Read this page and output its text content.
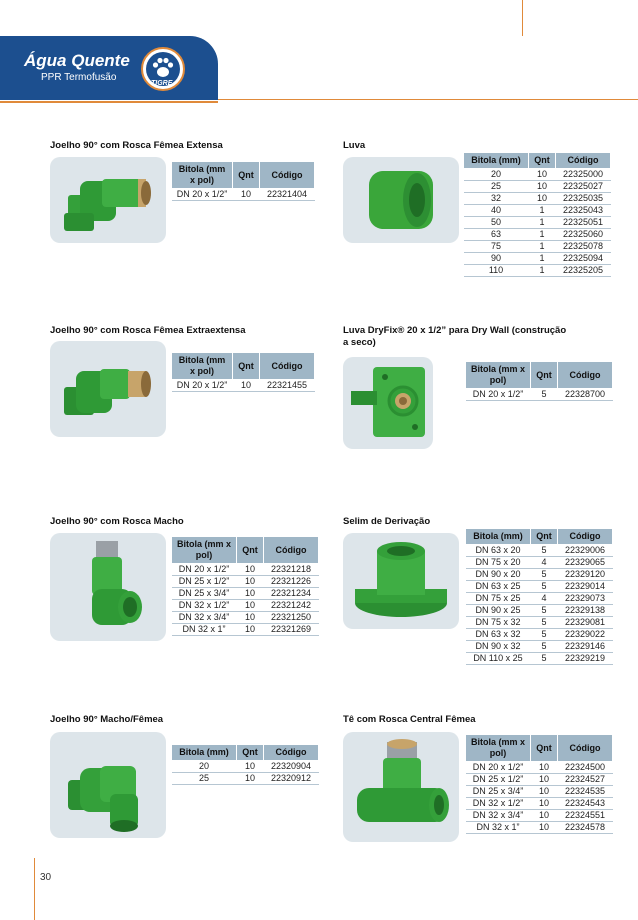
Água Quente
PPR Termofusão
TIGRE
Joelho 90° com Rosca Fêmea Extensa
Bitola (mm x pol)	Qnt	Código
DN 20 x 1/2”	10	22321404
Luva
Bitola (mm)	Qnt	Código
20	10	22325000
25	10	22325027
32	10	22325035
40	1	22325043
50	1	22325051
63	1	22325060
75	1	22325078
90	1	22325094
110	1	22325205
Joelho 90° com Rosca Fêmea Extraextensa
Bitola (mm x pol)	Qnt	Código
DN 20 x 1/2”	10	22321455
Luva DryFix® 20 x 1/2” para Dry Wall (construção a seco)
Bitola (mm x pol)	Qnt	Código
DN 20 x 1/2”	5	22328700
Joelho 90° com Rosca Macho
Bitola (mm x pol)	Qnt	Código
DN 20 x 1/2”	10	22321218
DN 25 x 1/2”	10	22321226
DN 25 x 3/4”	10	22321234
DN 32 x 1/2”	10	22321242
DN 32 x 3/4”	10	22321250
DN 32 x 1”	10	22321269
Selim de Derivação
Bitola (mm)	Qnt	Código
DN 63 x 20	5	22329006
DN 75 x 20	4	22329065
DN 90 x 20	5	22329120
DN 63 x 25	5	22329014
DN 75 x 25	4	22329073
DN 90 x 25	5	22329138
DN 75 x 32	5	22329081
DN 63 x 32	5	22329022
DN 90 x 32	5	22329146
DN 110 x 25	5	22329219
Joelho 90° Macho/Fêmea
Bitola (mm)	Qnt	Código
20	10	22320904
25	10	22320912
Tê com Rosca Central Fêmea
Bitola (mm x pol)	Qnt	Código
DN 20 x 1/2”	10	22324500
DN 25 x 1/2”	10	22324527
DN 25 x 3/4”	10	22324535
DN 32 x 1/2”	10	22324543
DN 32 x 3/4”	10	22324551
DN 32 x 1”	10	22324578
30
